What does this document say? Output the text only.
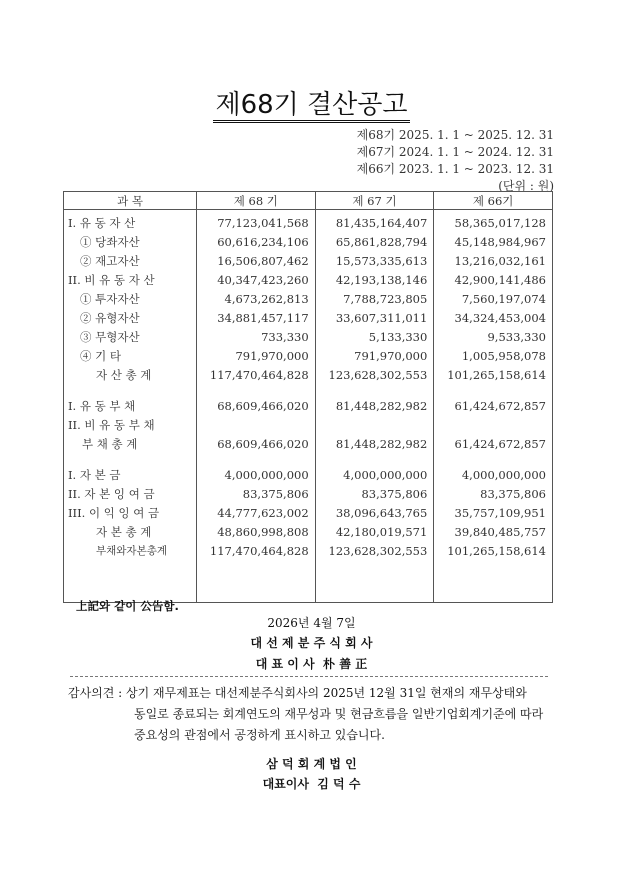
제68기 결산공고
제68기 2025. 1. 1 ~ 2025. 12. 31
제67기 2024. 1. 1 ~ 2024. 12. 31
제66기 2023. 1. 1 ~ 2023. 12. 31
(단위 : 원)
과 목	제 68 기	제 67 기	제 66기
I. 유 동 자 산	77,123,041,568	81,435,164,407	58,365,017,128
① 당좌자산	60,616,234,106	65,861,828,794	45,148,984,967
② 재고자산	16,506,807,462	15,573,335,613	13,216,032,161
II. 비 유 동 자 산	40,347,423,260	42,193,138,146	42,900,141,486
① 투자자산	4,673,262,813	7,788,723,805	7,560,197,074
② 유형자산	34,881,457,117	33,607,311,011	34,324,453,004
③ 무형자산	733,330	5,133,330	9,533,330
④ 기 타	791,970,000	791,970,000	1,005,958,078
자 산 총 계	117,470,464,828	123,628,302,553	101,265,158,614

I. 유 동 부 채	68,609,466,020	81,448,282,982	61,424,672,857
II. 비 유 동 부 채			
부 채 총 계	68,609,466,020	81,448,282,982	61,424,672,857

I. 자 본 금	4,000,000,000	4,000,000,000	4,000,000,000
II. 자 본 잉 여 금	83,375,806	83,375,806	83,375,806
III. 이 익 잉 여 금	44,777,623,002	38,096,643,765	35,757,109,951
자 본 총 계	48,860,998,808	42,180,019,571	39,840,485,757
부채와자본총계	117,470,464,828	123,628,302,553	101,265,158,614

上記와 같이 公告함.
2026년 4월 7일
대 선 제 분 주 식 회 사
대 표 이 사  朴 善 正
감사의견 : 상기 재무제표는 대선제분주식회사의 2025년 12월 31일 현재의 재무상태와
동일로 종료되는 회계연도의 재무성과 및 현금흐름을 일반기업회계기준에 따라
중요성의 관점에서 공정하게 표시하고 있습니다.
삼 덕 회 계 법 인
대표이사  김 덕 수
